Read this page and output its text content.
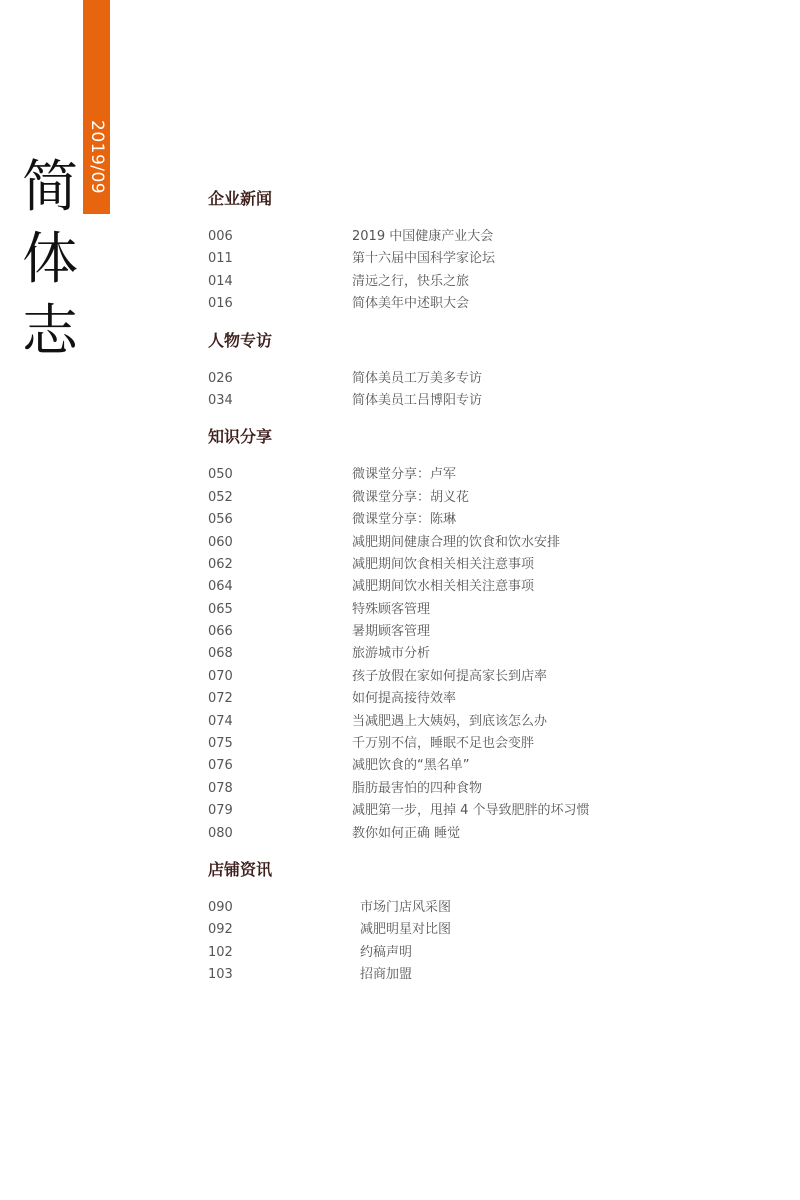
2019/09
简
体
志
企业新闻
006	2019 中国健康产业大会
011	第十六届中国科学家论坛
014	清远之行，快乐之旅
016	简体美年中述职大会
人物专访
026	简体美员工万美多专访
034	简体美员工吕博阳专访
知识分享
050	微课堂分享：卢军
052	微课堂分享：胡义花
056	微课堂分享：陈琳
060	减肥期间健康合理的饮食和饮水安排
062	减肥期间饮食相关相关注意事项
064	减肥期间饮水相关相关注意事项
065	特殊顾客管理
066	暑期顾客管理
068	旅游城市分析
070	孩子放假在家如何提高家长到店率
072	如何提高接待效率
074	当减肥遇上大姨妈，到底该怎么办
075	千万别不信，睡眠不足也会变胖
076	减肥饮食的“黑名单”
078	脂肪最害怕的四种食物
079	减肥第一步，甩掉 4 个导致肥胖的坏习惯
080	教你如何正确 睡觉
店铺资讯
090	市场门店风采图
092	减肥明星对比图
102	约稿声明
103	招商加盟
